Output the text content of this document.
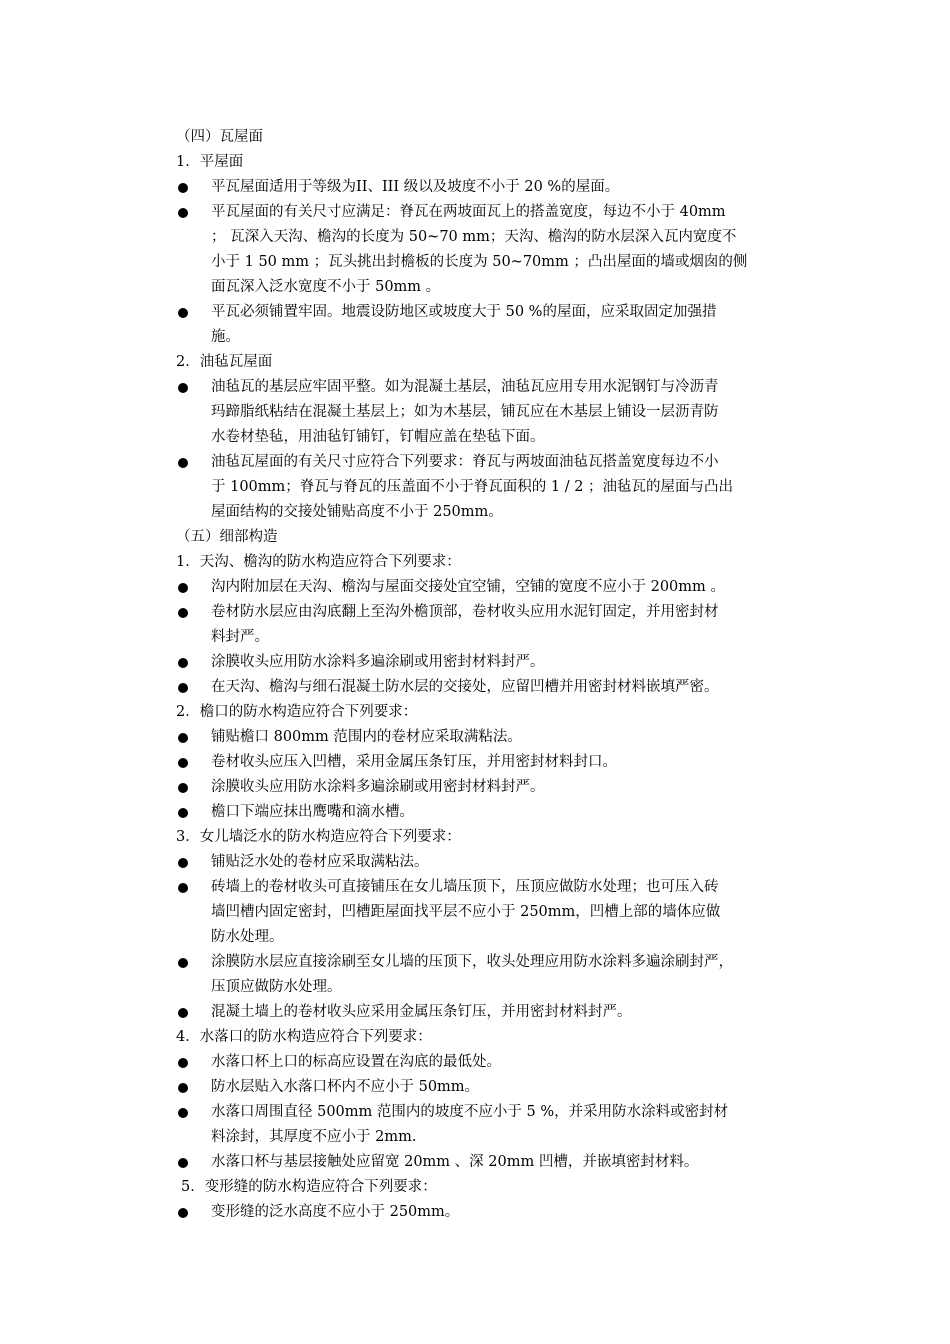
（四）瓦屋面
1．平屋面
平瓦屋面适用于等级为II、III 级以及坡度不小于 20 %的屋面。
平瓦屋面的有关尺寸应满足：脊瓦在两坡面瓦上的搭盖宽度，每边不小于 40mm
； 瓦深入天沟、檐沟的长度为 50~70 mm；天沟、檐沟的防水层深入瓦内宽度不
小于 1 50 mm ；瓦头挑出封檐板的长度为 50~70mm ；凸出屋面的墙或烟囱的侧
面瓦深入泛水宽度不小于 50mm 。
平瓦必须铺置牢固。地震设防地区或坡度大于 50 %的屋面，应采取固定加强措
施。
2．油毡瓦屋面
油毡瓦的基层应牢固平整。如为混凝土基层，油毡瓦应用专用水泥钢钉与冷沥青
玛蹄脂纸粘结在混凝土基层上；如为木基层，铺瓦应在木基层上铺设一层沥青防
水卷材垫毡，用油毡钉铺钉，钉帽应盖在垫毡下面。
油毡瓦屋面的有关尺寸应符合下列要求：脊瓦与两坡面油毡瓦搭盖宽度每边不小
于 100mm；脊瓦与脊瓦的压盖面不小于脊瓦面积的 1 / 2 ；油毡瓦的屋面与凸出
屋面结构的交接处铺贴高度不小于 250mm。
（五）细部构造
1．天沟、檐沟的防水构造应符合下列要求：
沟内附加层在天沟、檐沟与屋面交接处宜空铺，空铺的宽度不应小于 200mm 。
卷材防水层应由沟底翻上至沟外檐顶部，卷材收头应用水泥钉固定，并用密封材
料封严。
涂膜收头应用防水涂料多遍涂刷或用密封材料封严。
在天沟、檐沟与细石混凝土防水层的交接处，应留凹槽并用密封材料嵌填严密。
2．檐口的防水构造应符合下列要求：
铺贴檐口 800mm 范围内的卷材应采取满粘法。
卷材收头应压入凹槽，采用金属压条钉压，并用密封材料封口。
涂膜收头应用防水涂料多遍涂刷或用密封材料封严。
檐口下端应抹出鹰嘴和滴水槽。
3．女儿墙泛水的防水构造应符合下列要求：
铺贴泛水处的卷材应采取满粘法。
砖墙上的卷材收头可直接铺压在女儿墙压顶下，压顶应做防水处理；也可压入砖
墙凹槽内固定密封，凹槽距屋面找平层不应小于 250mm，凹槽上部的墙体应做
防水处理。
涂膜防水层应直接涂刷至女儿墙的压顶下，收头处理应用防水涂料多遍涂刷封严，
压顶应做防水处理。
混凝土墙上的卷材收头应采用金属压条钉压，并用密封材料封严。
4．水落口的防水构造应符合下列要求：
水落口杯上口的标高应设置在沟底的最低处。
防水层贴入水落口杯内不应小于 50mm。
水落口周围直径 500mm 范围内的坡度不应小于 5 %，并采用防水涂料或密封材
料涂封，其厚度不应小于 2mm.
水落口杯与基层接触处应留宽 20mm 、深 20mm 凹槽，并嵌填密封材料。
5．变形缝的防水构造应符合下列要求：
变形缝的泛水高度不应小于 250mm。
